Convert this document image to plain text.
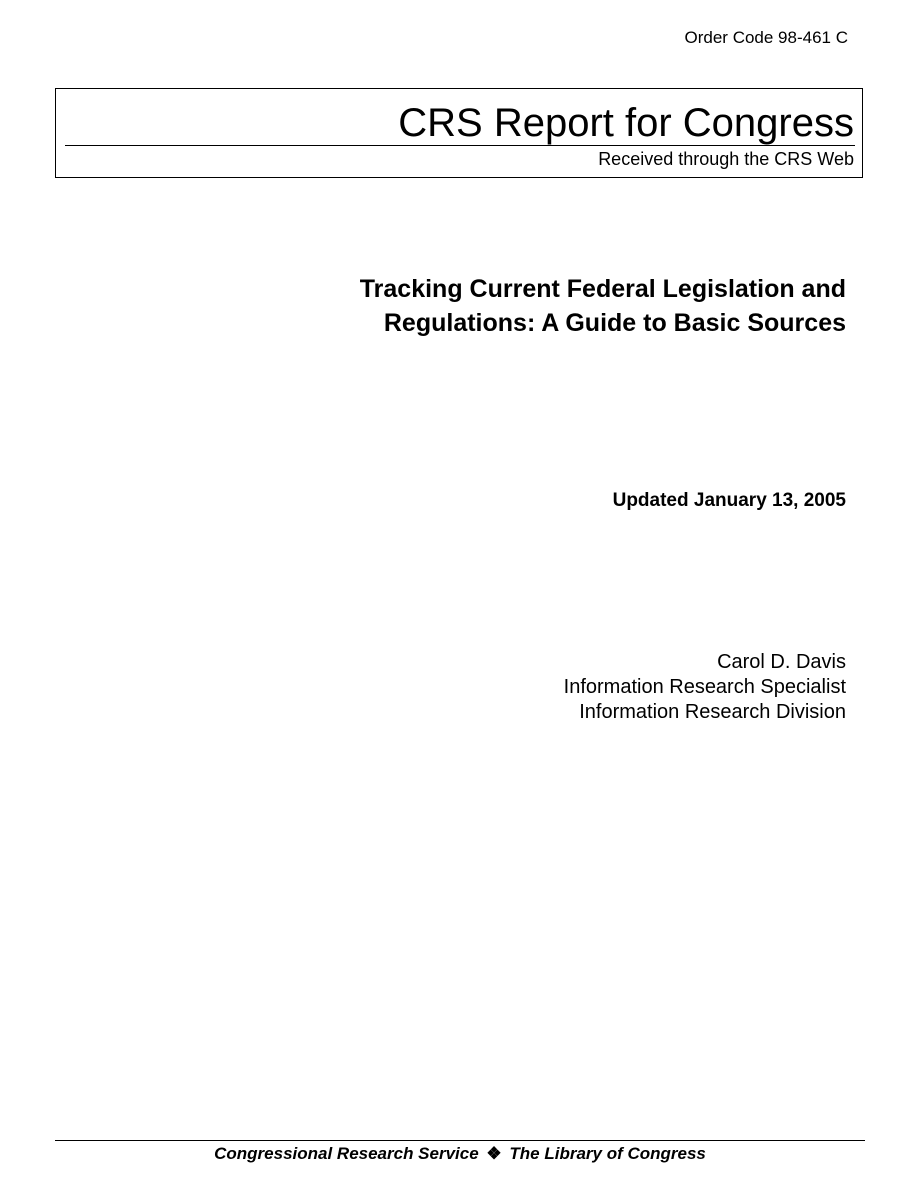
Order Code 98-461 C
CRS Report for Congress
Received through the CRS Web
Tracking Current Federal Legislation and
Regulations: A Guide to Basic Sources
Updated January 13, 2005
Carol D. Davis
Information Research Specialist
Information Research Division
Congressional Research Service ❖ The Library of Congress
